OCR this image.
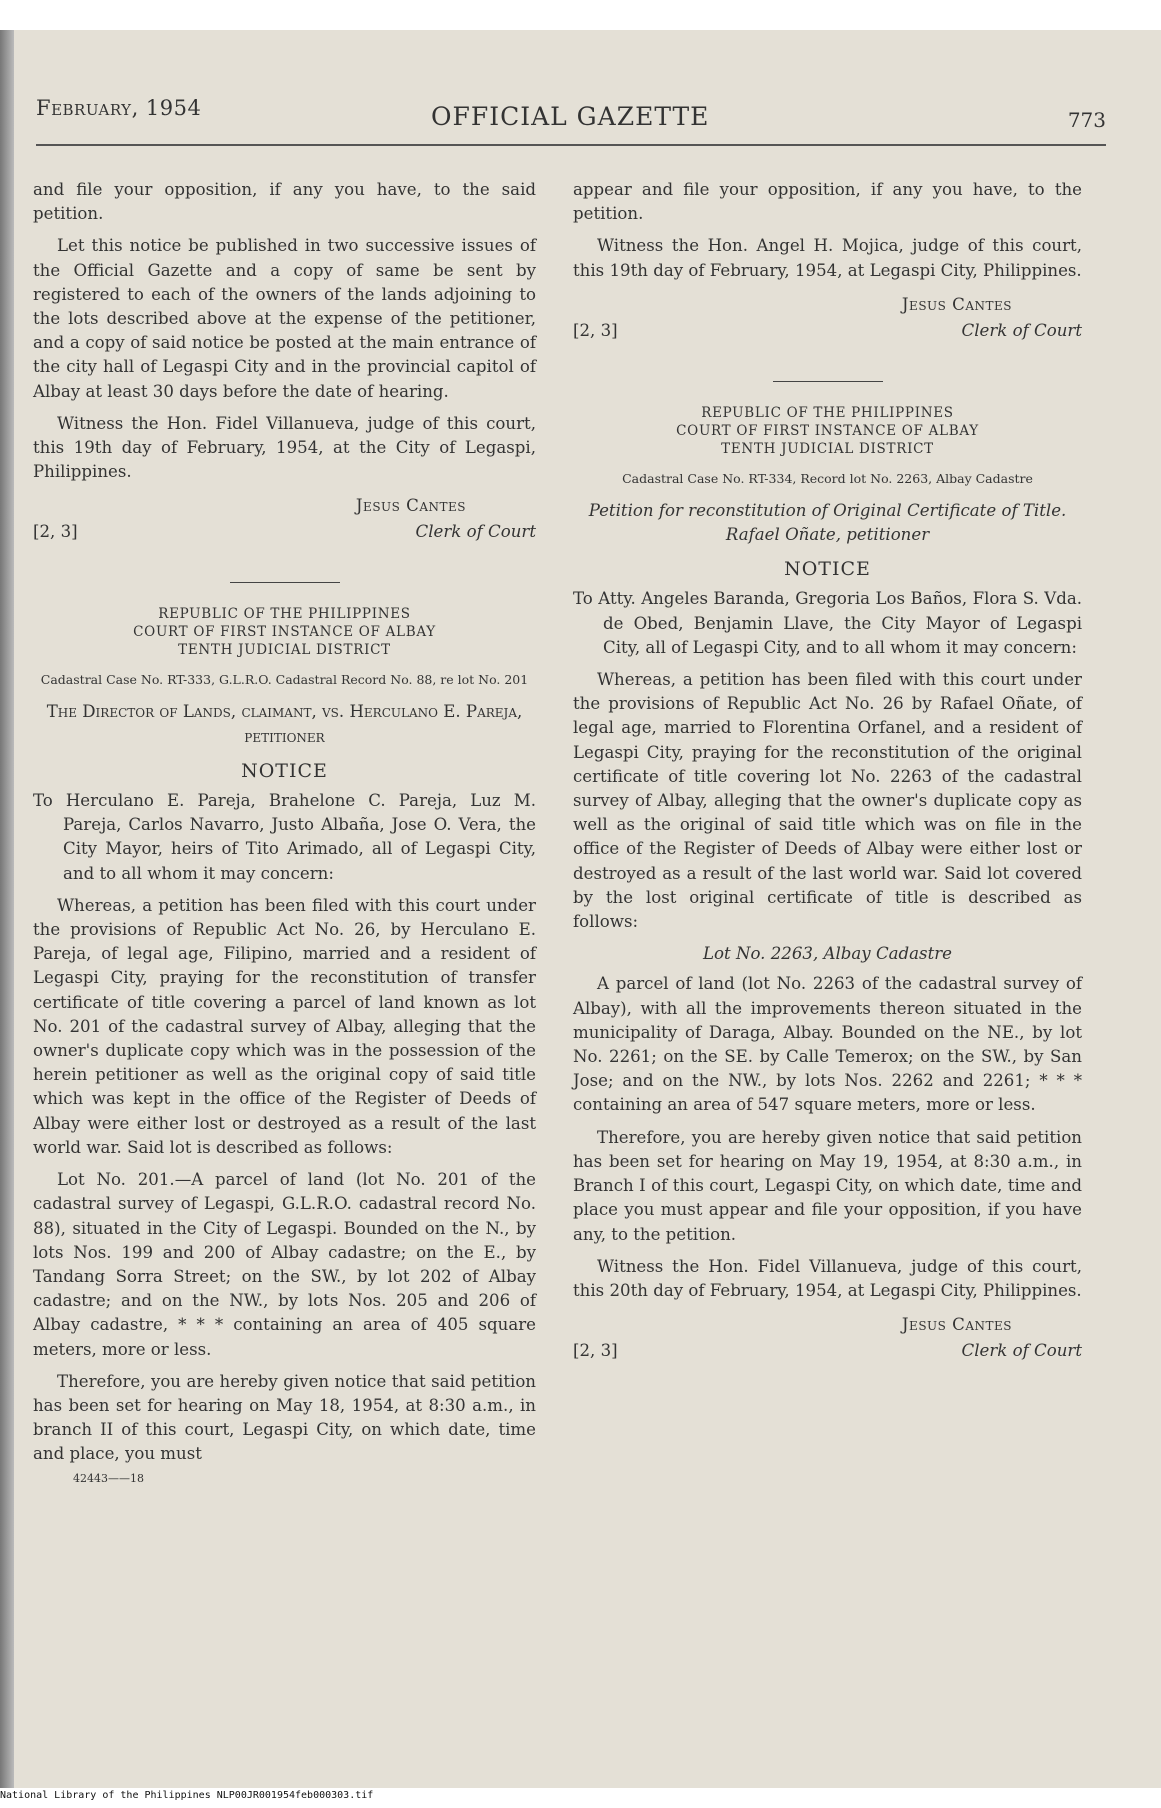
February, 1954	OFFICIAL GAZETTE	773

and file your opposition, if any you have, to the said petition.

Let this notice be published in two successive issues of the Official Gazette and a copy of same be sent by registered to each of the owners of the lands adjoining to the lots described above at the expense of the petitioner, and a copy of said notice be posted at the main entrance of the city hall of Legaspi City and in the provincial capitol of Albay at least 30 days before the date of hearing.

Witness the Hon. Fidel Villanueva, judge of this court, this 19th day of February, 1954, at the City of Legaspi, Philippines.

Jesus Cantes
[2, 3]	Clerk of Court
REPUBLIC OF THE PHILIPPINES
COURT OF FIRST INSTANCE OF ALBAY
TENTH JUDICIAL DISTRICT
Cadastral Case No. RT-333, G.L.R.O. Cadastral Record No. 88, re lot No. 201
The Director of Lands, claimant, vs. Herculano E. Pareja, petitioner
NOTICE

To Herculano E. Pareja, Brahelone C. Pareja, Luz M. Pareja, Carlos Navarro, Justo Albaña, Jose O. Vera, the City Mayor, heirs of Tito Arimado, all of Legaspi City, and to all whom it may concern:

Whereas, a petition has been filed with this court under the provisions of Republic Act No. 26, by Herculano E. Pareja, of legal age, Filipino, married and a resident of Legaspi City, praying for the reconstitution of transfer certificate of title covering a parcel of land known as lot No. 201 of the cadastral survey of Albay, alleging that the owner's duplicate copy which was in the possession of the herein petitioner as well as the original copy of said title which was kept in the office of the Register of Deeds of Albay were either lost or destroyed as a result of the last world war. Said lot is described as follows:

Lot No. 201.—A parcel of land (lot No. 201 of the cadastral survey of Legaspi, G.L.R.O. cadastral record No. 88), situated in the City of Legaspi. Bounded on the N., by lots Nos. 199 and 200 of Albay cadastre; on the E., by Tandang Sorra Street; on the SW., by lot 202 of Albay cadastre; and on the NW., by lots Nos. 205 and 206 of Albay cadastre, * * * containing an area of 405 square meters, more or less.

Therefore, you are hereby given notice that said petition has been set for hearing on May 18, 1954, at 8:30 a.m., in branch II of this court, Legaspi City, on which date, time and place, you must

42443——18

appear and file your opposition, if any you have, to the petition.

Witness the Hon. Angel H. Mojica, judge of this court, this 19th day of February, 1954, at Legaspi City, Philippines.

Jesus Cantes
[2, 3]	Clerk of Court
REPUBLIC OF THE PHILIPPINES
COURT OF FIRST INSTANCE OF ALBAY
TENTH JUDICIAL DISTRICT
Cadastral Case No. RT-334, Record lot No. 2263, Albay Cadastre
Petition for reconstitution of Original Certificate of Title. Rafael Oñate, petitioner
NOTICE

To Atty. Angeles Baranda, Gregoria Los Baños, Flora S. Vda. de Obed, Benjamin Llave, the City Mayor of Legaspi City, all of Legaspi City, and to all whom it may concern:

Whereas, a petition has been filed with this court under the provisions of Republic Act No. 26 by Rafael Oñate, of legal age, married to Florentina Orfanel, and a resident of Legaspi City, praying for the reconstitution of the original certificate of title covering lot No. 2263 of the cadastral survey of Albay, alleging that the owner's duplicate copy as well as the original of said title which was on file in the office of the Register of Deeds of Albay were either lost or destroyed as a result of the last world war. Said lot covered by the lost original certificate of title is described as follows:

Lot No. 2263, Albay Cadastre

A parcel of land (lot No. 2263 of the cadastral survey of Albay), with all the improvements thereon situated in the municipality of Daraga, Albay. Bounded on the NE., by lot No. 2261; on the SE. by Calle Temerox; on the SW., by San Jose; and on the NW., by lots Nos. 2262 and 2261; * * * containing an area of 547 square meters, more or less.

Therefore, you are hereby given notice that said petition has been set for hearing on May 19, 1954, at 8:30 a.m., in Branch I of this court, Legaspi City, on which date, time and place you must appear and file your opposition, if you have any, to the petition.

Witness the Hon. Fidel Villanueva, judge of this court, this 20th day of February, 1954, at Legaspi City, Philippines.

Jesus Cantes
[2, 3]	Clerk of Court
National Library of the Philippines NLP00JR001954feb000303.tif
